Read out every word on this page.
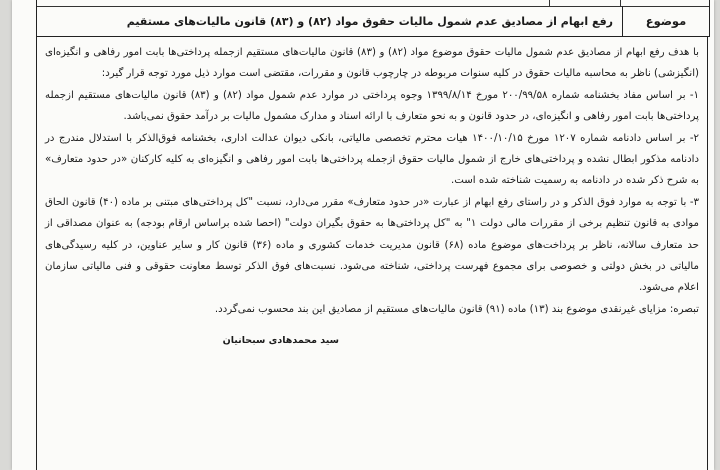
موضوع
رفع ابهام از مصادیق عدم شمول مالیات حقوق مواد (۸۲) و (۸۳) قانون مالیات‌های مستقیم

با هدف رفع ابهام از مصادیق عدم شمول مالیات حقوق موضوع مواد (۸۲) و (۸۳) قانون مالیات‌های مستقیم ازجمله پرداختی‌ها بابت امور رفاهی و انگیزه‌ای (انگیزشی) ناظر به محاسبه مالیات حقوق در کلیه سنوات مربوطه در چارچوب قانون و مقررات، مقتضی است موارد ذیل مورد توجه قرار گیرد:

۱- بر اساس مفاد بخشنامه شماره ۲۰۰/۹۹/۵۸ مورخ ۱۳۹۹/۸/۱۴ وجوه پرداختی در موارد عدم شمول مواد (۸۲) و (۸۳) قانون مالیات‌های مستقیم ازجمله پرداختی‌ها بابت امور رفاهی و انگیزه‌ای، در حدود قانون و به نحو متعارف با ارائه اسناد و مدارک مشمول مالیات بر درآمد حقوق نمی‌باشد.

۲- بر اساس دادنامه شماره ۱۲۰۷ مورخ ۱۴۰۰/۱۰/۱۵ هیات محترم تخصصی مالیاتی، بانکی دیوان عدالت اداری، بخشنامه فوق‌الذکر با استدلال مندرج در دادنامه مذکور ابطال نشده و پرداختی‌های خارج از شمول مالیات حقوق ازجمله پرداختی‌ها بابت امور رفاهی و انگیزه‌ای به کلیه کارکنان «در حدود متعارف» به شرح ذکر شده در دادنامه به رسمیت شناخته شده است.

۳- با توجه به موارد فوق الذکر و در راستای رفع ابهام از عبارت «در حدود متعارف» مقرر می‌دارد، نسبت "کل پرداختی‌های مبتنی بر ماده (۴۰) قانون الحاق موادی به قانون تنظیم برخی از مقررات مالی دولت ۱" به "کل پرداختی‌ها به حقوق بگیران دولت" (احصا شده براساس ارقام بودجه) به عنوان مصداقی از حد متعارف سالانه، ناظر بر پرداخت‌های موضوع ماده (۶۸) قانون مدیریت خدمات کشوری و ماده (۳۶) قانون کار و سایر عناوین، در کلیه رسیدگی‌های مالیاتی در بخش دولتی و خصوصی برای مجموع فهرست پرداختی، شناخته می‌شود. نسبت‌های فوق الذکر توسط معاونت حقوقی و فنی مالیاتی سازمان اعلام می‌شود.

تبصره: مزایای غیرنقدی موضوع بند (۱۳) ماده (۹۱) قانون مالیات‌های مستقیم از مصادیق این بند محسوب نمی‌گردد.

سید محمدهادی سبحانیان
